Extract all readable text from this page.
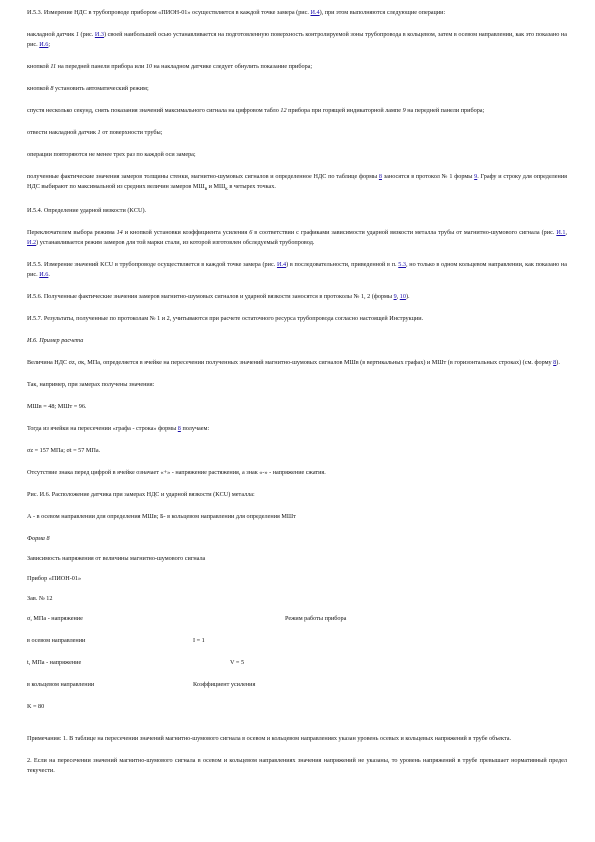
И.5.3. Измерение НДС в трубопроводе прибором «ПИОН-01» осуществляется в каждой точке замера (рис. И.4), при этом выполняются следующие операции:

накладной датчик 1 (рис. И.3) своей наибольшей осью устанавливается на подготовленную поверхность контролируемой зоны трубопровода в кольцевом, затем в осевом направлении, как это показано на рис. И.6;

кнопкой 11 на передней панели прибора или 10 на накладном датчике следует обнулить показание прибора;

кнопкой 8 установить автоматический режим;

спустя несколько секунд, снять показания значений максимального сигнала на цифровом табло 12 прибора при горящей индикаторной лампе 9 на передней панели прибора;

отвести накладной датчик 1 от поверхности трубы;

операции повторяются не менее трех раз по каждой оси замера;

полученные фактические значения замеров толщины стенки, магнитно-шумовых сигналов и определенное НДС по таблице формы 8 заносятся в протокол № 1 формы 9. Графу и строку для определения НДС выбирают по максимальной из средних величин замеров $МШ_в$ и $МШ_к$ в четырех точках.

И.5.4. Определение ударной вязкости (KCU).

Переключателем выбора режима 14 и кнопкой установки коэффициента усиления 6 в соответствии с графиками зависимости ударной вязкости металла трубы от магнитно-шумового сигнала (рис. И.1, И.2) устанавливается режим замеров для той марки стали, из которой изготовлен обследуемый трубопровод.

И.5.5. Измерение значений KCU в трубопроводе осуществляется в каждой точке замера (рис. И.4) в последовательности, приведенной в п. 5.3, но только в одном кольцевом направлении, как показано на рис. И.6.

И.5.6. Полученные фактические значения замеров магнитно-шумовых сигналов и ударной вязкости заносятся в протоколы № 1, 2 (формы 9, 10).

И.5.7. Результаты, полученные по протоколам № 1 и 2, учитываются при расчете остаточного ресурса трубопровода согласно настоящей Инструкции.

И.6. Пример расчета

Величина НДС σz, σк, МПа, определяется в ячейке на пересечении полученных значений магнитно-шумовых сигналов МШв (в вертикальных графах) и МШт (в горизонтальных строках) (см. форму 8).

Так, например, при замерах получены значения:

МШв = 48; МШт = 96.

Тогда из ячейки на пересечении «графа - строка» формы 8 получаем:

σz = 157 МПа; σt = 57 МПа.

Отсутствие знака перед цифрой в ячейке означает «+» - напряжение растяжения, а знак «-» - напряжение сжатия.

Рис. И.6. Расположение датчика при замерах НДС и ударной вязкости (KCU) металла:

А - в осевом направлении для определения МШв; Б- в кольцевом направлении для определения МШт

Форма 8

Зависимость напряжения от величины магнитно-шумового сигнала

Прибор «ПИОН-01»

Зав. № 12

σ, МПа - напряжение	Режим работы прибора
в осевом направлении	I = 1
t, МПа - напряжение	V = 5
в кольцевом направлении	Коэффициент усиления

K = 80

Примечания: 1. В таблице на пересечении значений магнитно-шумового сигнала в осевом и кольцевом направлениях указан уровень осевых и кольцевых напряжений в трубе объекта.

2. Если на пересечении значений магнитно-шумового сигнала в осевом и кольцевом направлениях значения напряжений не указаны, то уровень напряжений в трубе превышает нормативный предел текучести.
